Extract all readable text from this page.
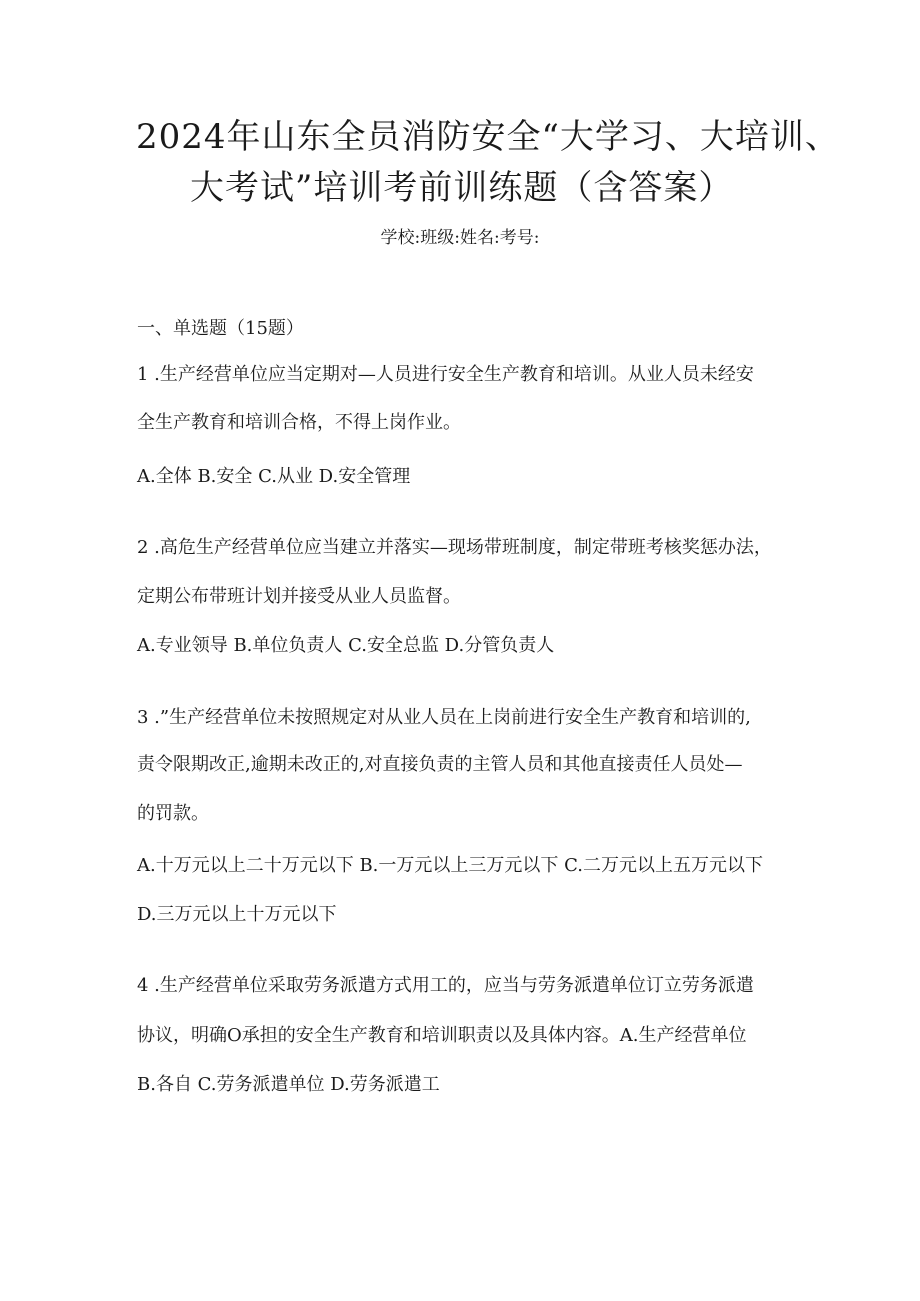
2024年山东全员消防安全“大学习、大培训、
大考试”培训考前训练题（含答案）
学校:班级:姓名:考号:
一、单选题（15题）
1 .生产经营单位应当定期对—人员进行安全生产教育和培训。从业人员未经安
全生产教育和培训合格，不得上岗作业。
A.全体 B.安全 C.从业 D.安全管理
2 .高危生产经营单位应当建立并落实—现场带班制度，制定带班考核奖惩办法，
定期公布带班计划并接受从业人员监督。
A.专业领导 B.单位负责人 C.安全总监 D.分管负责人
3 .”生产经营单位未按照规定对从业人员在上岗前进行安全生产教育和培训的,
责令限期改正,逾期未改正的,对直接负责的主管人员和其他直接责任人员处—
的罚款。
A.十万元以上二十万元以下 B.一万元以上三万元以下 C.二万元以上五万元以下
D.三万元以上十万元以下
4 .生产经营单位采取劳务派遣方式用工的，应当与劳务派遣单位订立劳务派遣
协议，明确O承担的安全生产教育和培训职责以及具体内容。A.生产经营单位
B.各自 C.劳务派遣单位 D.劳务派遣工
